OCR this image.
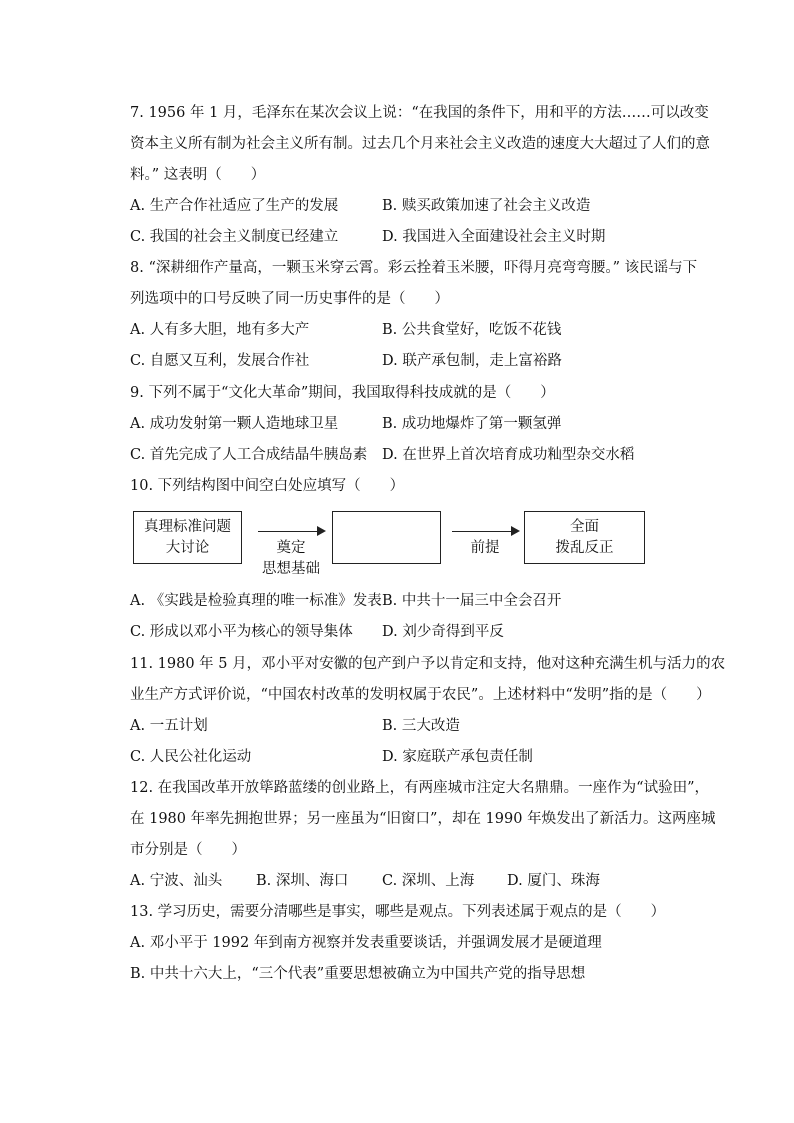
7. 1956 年 1 月，毛泽东在某次会议上说：“在我国的条件下，用和平的方法……可以改变
资本主义所有制为社会主义所有制。过去几个月来社会主义改造的速度大大超过了人们的意
料。” 这表明（　　）
A. 生产合作社适应了生产的发展	B. 赎买政策加速了社会主义改造
C. 我国的社会主义制度已经建立	D. 我国进入全面建设社会主义时期
8. “深耕细作产量高，一颗玉米穿云霄。彩云拴着玉米腰，吓得月亮弯弯腰。” 该民谣与下
列选项中的口号反映了同一历史事件的是（　　）
A. 人有多大胆，地有多大产	B. 公共食堂好，吃饭不花钱
C. 自愿又互利，发展合作社	D. 联产承包制，走上富裕路
9. 下列不属于“文化大革命”期间，我国取得科技成就的是（　　）
A. 成功发射第一颗人造地球卫星	B. 成功地爆炸了第一颗氢弹
C. 首先完成了人工合成结晶牛胰岛素 D. 在世界上首次培育成功籼型杂交水稻
10. 下列结构图中间空白处应填写（　　）
真理标准问题
大讨论	奠定
思想基础
前提
全面
拨乱反正
A. 《实践是检验真理的唯一标准》发表 B. 中共十一届三中全会召开
C. 形成以邓小平为核心的领导集体 D. 刘少奇得到平反
11. 1980 年 5 月，邓小平对安徽的包产到户予以肯定和支持，他对这种充满生机与活力的农
业生产方式评价说，“中国农村改革的发明权属于农民”。上述材料中“发明”指的是（　　）
A. 一五计划	B. 三大改造
C. 人民公社化运动	D. 家庭联产承包责任制
12. 在我国改革开放筚路蓝缕的创业路上，有两座城市注定大名鼎鼎。一座作为“试验田”，
在 1980 年率先拥抱世界；另一座虽为“旧窗口”，却在 1990 年焕发出了新活力。这两座城
市分别是（　　）
A. 宁波、汕头 B. 深圳、海口 C. 深圳、上海 D. 厦门、珠海
13. 学习历史，需要分清哪些是事实，哪些是观点。下列表述属于观点的是（　　）
A. 邓小平于 1992 年到南方视察并发表重要谈话，并强调发展才是硬道理
B. 中共十六大上，“三个代表”重要思想被确立为中国共产党的指导思想
